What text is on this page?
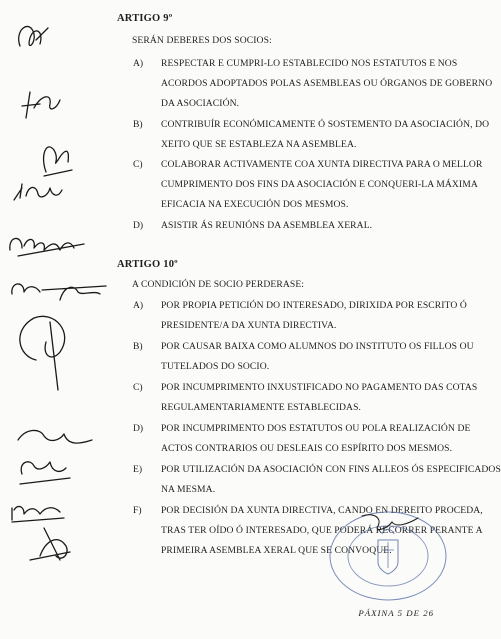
ARTIGO 9º
SERÁN DEBERES DOS SOCIOS:
A) RESPECTAR E CUMPRI-LO ESTABLECIDO NOS ESTATUTOS E NOS
ACORDOS ADOPTADOS POLAS ASEMBLEAS OU ÓRGANOS DE GOBERNO
DA ASOCIACIÓN.
B) CONTRIBUÍR ECONÓMICAMENTE Ó SOSTEMENTO DA ASOCIACIÓN, DO
XEITO QUE SE ESTABLEZA NA ASEMBLEA.
C) COLABORAR ACTIVAMENTE COA XUNTA DIRECTIVA PARA O MELLOR
CUMPRIMENTO DOS FINS DA ASOCIACIÓN E CONQUERI-LA MÁXIMA
EFICACIA NA EXECUCIÓN DOS MESMOS.
D) ASISTIR ÁS REUNIÓNS DA ASEMBLEA XERAL.
ARTIGO 10º
A CONDICIÓN DE SOCIO PERDERASE:
A) POR PROPIA PETICIÓN DO INTERESADO, DIRIXIDA POR ESCRITO Ó
PRESIDENTE/A DA XUNTA DIRECTIVA.
B) POR CAUSAR BAIXA COMO ALUMNOS DO INSTITUTO OS FILLOS OU
TUTELADOS DO SOCIO.
C) POR INCUMPRIMENTO INXUSTIFICADO NO PAGAMENTO DAS COTAS
REGULAMENTARIAMENTE ESTABLECIDAS.
D) POR INCUMPRIMENTO DOS ESTATUTOS OU POLA REALIZACIÓN DE
ACTOS CONTRARIOS OU DESLEAIS CO ESPÍRITO DOS MESMOS.
E) POR UTILIZACIÓN DA ASOCIACIÓN CON FINS ALLEOS ÓS ESPECIFICADOS
NA MESMA.
F) POR DECISIÓN DA XUNTA DIRECTIVA, CANDO EN DEREITO PROCEDA,
TRAS TER OÍDO Ó INTERESADO, QUE PODERÁ RECORRER PERANTE A
PRIMEIRA ASEMBLEA XERAL QUE SE CONVOQUE.
PÁXINA 5 DE 26
